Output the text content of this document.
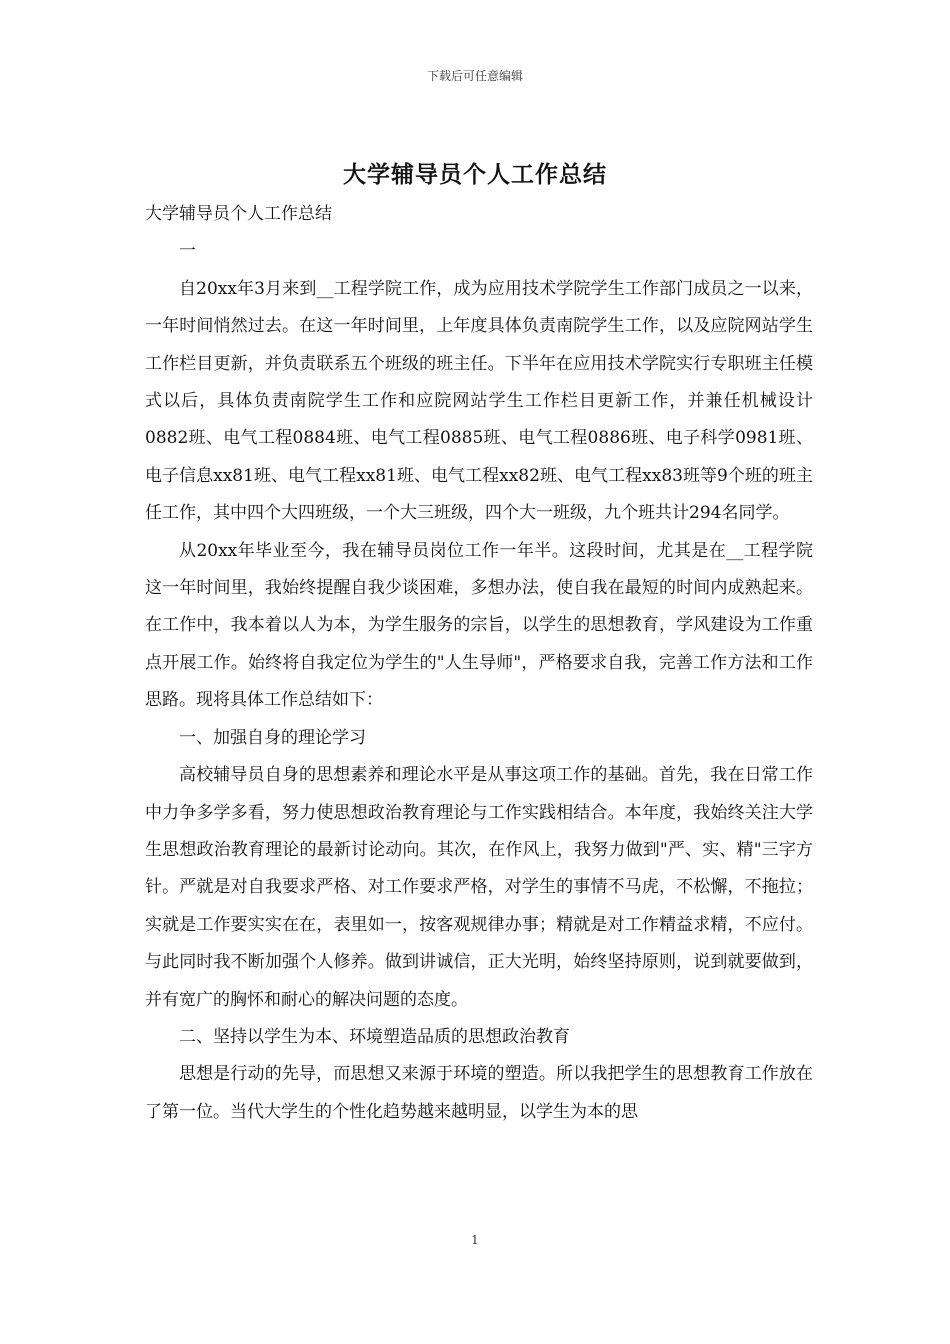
下载后可任意编辑
大学辅导员个人工作总结

大学辅导员个人工作总结

一

自20xx年3月来到__工程学院工作，成为应用技术学院学生工作部门成员之一以来，一年时间悄然过去。在这一年时间里，上年度具体负责南院学生工作，以及应院网站学生工作栏目更新，并负责联系五个班级的班主任。下半年在应用技术学院实行专职班主任模式以后，具体负责南院学生工作和应院网站学生工作栏目更新工作，并兼任机械设计0882班、电气工程0884班、电气工程0885班、电气工程0886班、电子科学0981班、电子信息xx81班、电气工程xx81班、电气工程xx82班、电气工程xx83班等9个班的班主任工作，其中四个大四班级，一个大三班级，四个大一班级，九个班共计294名同学。

从20xx年毕业至今，我在辅导员岗位工作一年半。这段时间，尤其是在__工程学院这一年时间里，我始终提醒自我少谈困难，多想办法，使自我在最短的时间内成熟起来。在工作中，我本着以人为本，为学生服务的宗旨，以学生的思想教育，学风建设为工作重点开展工作。始终将自我定位为学生的"人生导师"，严格要求自我，完善工作方法和工作思路。现将具体工作总结如下：

一、加强自身的理论学习

高校辅导员自身的思想素养和理论水平是从事这项工作的基础。首先，我在日常工作中力争多学多看，努力使思想政治教育理论与工作实践相结合。本年度，我始终关注大学生思想政治教育理论的最新讨论动向。其次，在作风上，我努力做到"严、实、精"三字方针。严就是对自我要求严格、对工作要求严格，对学生的事情不马虎，不松懈，不拖拉；实就是工作要实实在在，表里如一，按客观规律办事；精就是对工作精益求精，不应付。与此同时我不断加强个人修养。做到讲诚信，正大光明，始终坚持原则，说到就要做到，并有宽广的胸怀和耐心的解决问题的态度。

二、坚持以学生为本、环境塑造品质的思想政治教育

思想是行动的先导，而思想又来源于环境的塑造。所以我把学生的思想教育工作放在了第一位。当代大学生的个性化趋势越来越明显，以学生为本的思

1
